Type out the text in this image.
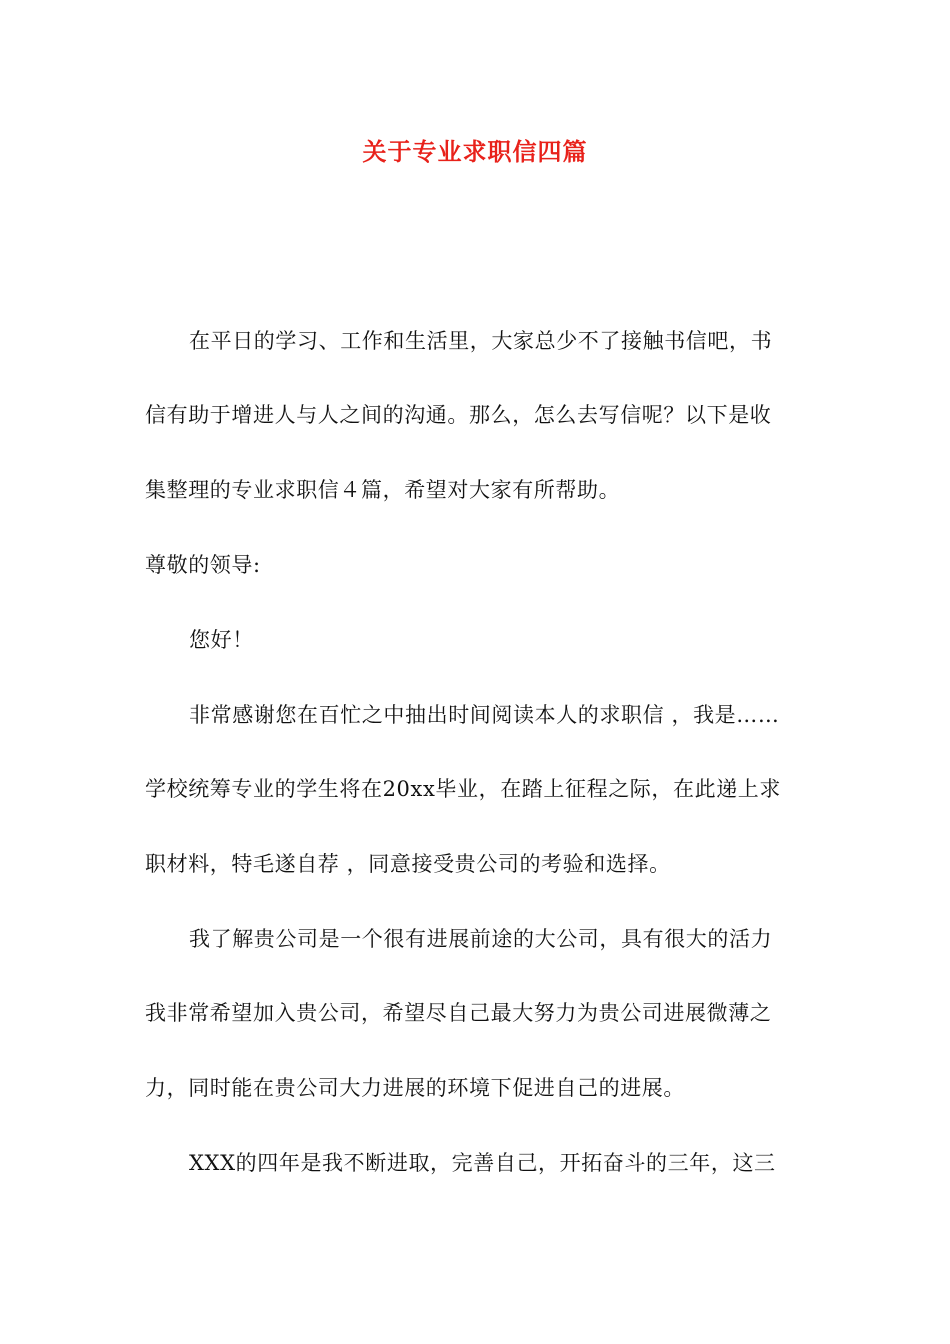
关于专业求职信四篇
在平日的学习、工作和生活里，大家总少不了接触书信吧，书
信有助于增进人与人之间的沟通。那么，怎么去写信呢？以下是收
集整理的专业求职信４篇，希望对大家有所帮助。
尊敬的领导:
您好！
非常感谢您在百忙之中抽出时间阅读本人的求职信 ，我是……
学校统筹专业的学生将在20xx毕业，在踏上征程之际，在此递上求
职材料，特毛遂自荐 ，同意接受贵公司的考验和选择。
我了解贵公司是一个很有进展前途的大公司，具有很大的活力
我非常希望加入贵公司，希望尽自己最大努力为贵公司进展微薄之
力，同时能在贵公司大力进展的环境下促进自己的进展。
XXX的四年是我不断进取，完善自己，开拓奋斗的三年，这三
